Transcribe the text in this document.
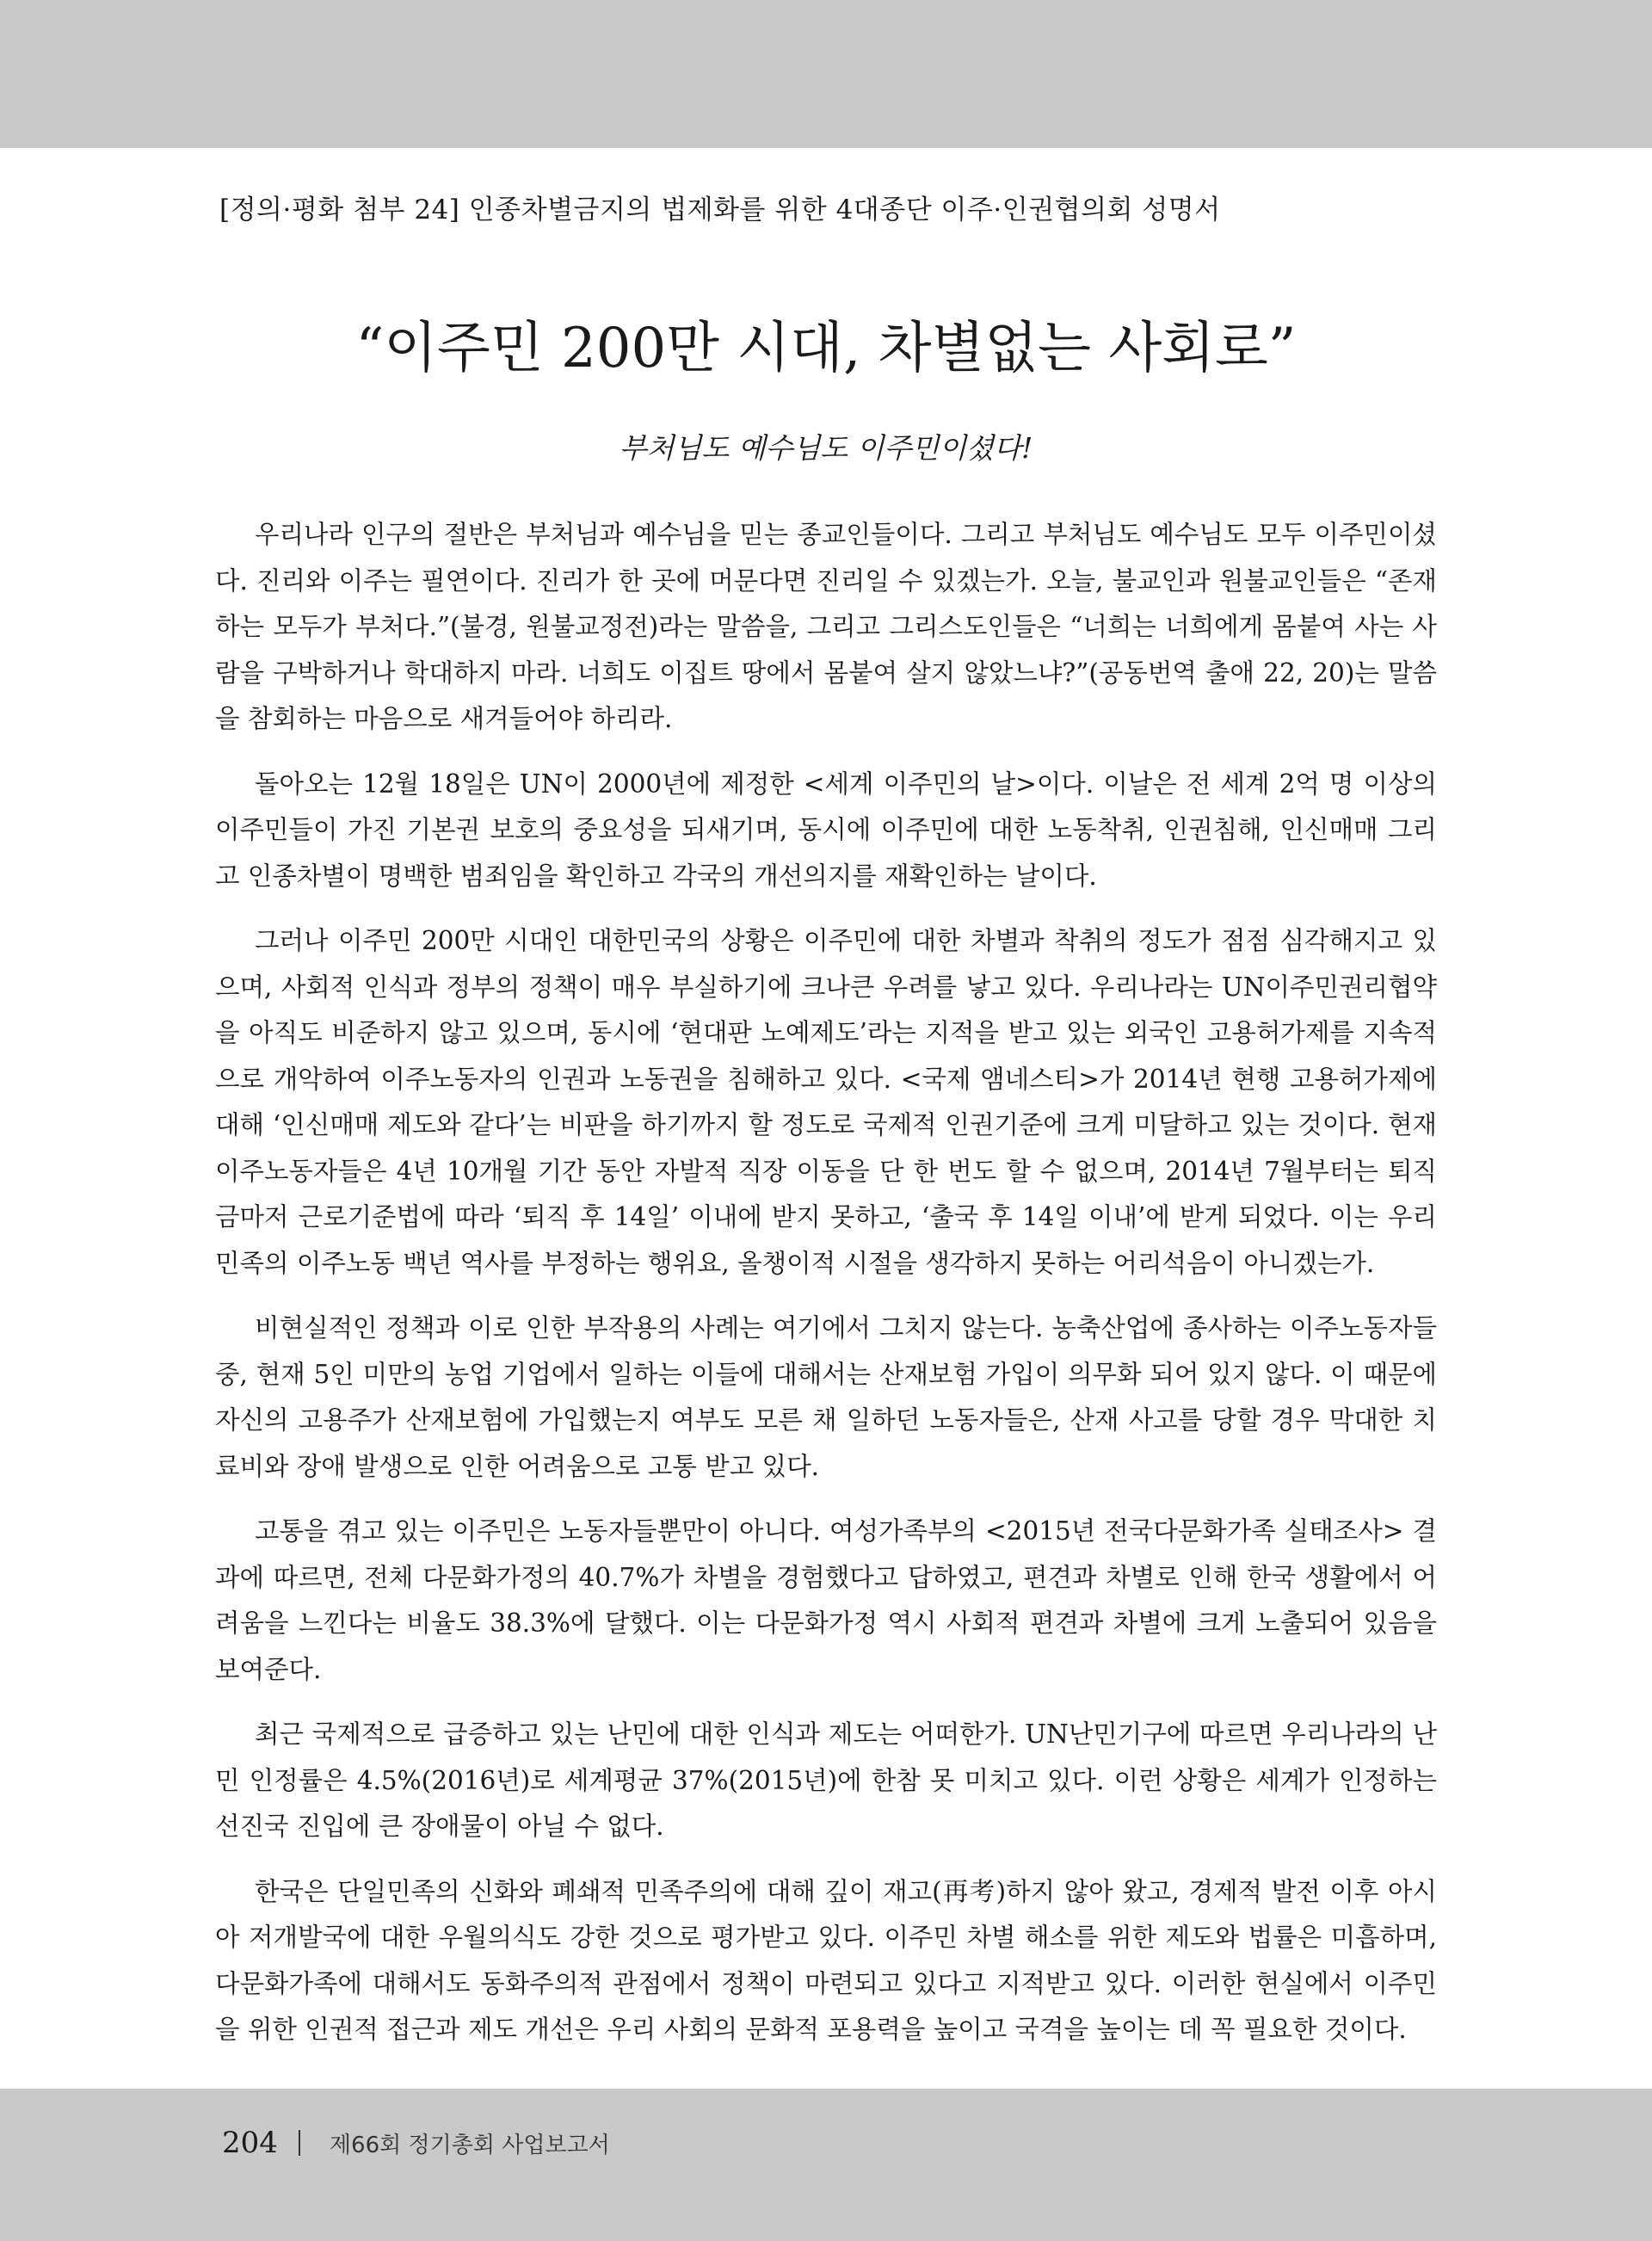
[정의·평화 첨부 24] 인종차별금지의 법제화를 위한 4대종단 이주·인권협의회 성명서
“이주민 200만 시대, 차별없는 사회로”
부처님도 예수님도 이주민이셨다!

우리나라 인구의 절반은 부처님과 예수님을 믿는 종교인들이다. 그리고 부처님도 예수님도 모두 이주민이셨다. 진리와 이주는 필연이다. 진리가 한 곳에 머문다면 진리일 수 있겠는가. 오늘, 불교인과 원불교인들은 “존재하는 모두가 부처다.”(불경, 원불교정전)라는 말씀을, 그리고 그리스도인들은 “너희는 너희에게 몸붙여 사는 사람을 구박하거나 학대하지 마라. 너희도 이집트 땅에서 몸붙여 살지 않았느냐?”(공동번역 출애 22, 20)는 말씀을 참회하는 마음으로 새겨들어야 하리라.

돌아오는 12월 18일은 UN이 2000년에 제정한 <세계 이주민의 날>이다. 이날은 전 세계 2억 명 이상의 이주민들이 가진 기본권 보호의 중요성을 되새기며, 동시에 이주민에 대한 노동착취, 인권침해, 인신매매 그리고 인종차별이 명백한 범죄임을 확인하고 각국의 개선의지를 재확인하는 날이다.

그러나 이주민 200만 시대인 대한민국의 상황은 이주민에 대한 차별과 착취의 정도가 점점 심각해지고 있으며, 사회적 인식과 정부의 정책이 매우 부실하기에 크나큰 우려를 낳고 있다. 우리나라는 UN이주민권리협약을 아직도 비준하지 않고 있으며, 동시에 ‘현대판 노예제도’라는 지적을 받고 있는 외국인 고용허가제를 지속적으로 개악하여 이주노동자의 인권과 노동권을 침해하고 있다. <국제 앰네스티>가 2014년 현행 고용허가제에 대해 ‘인신매매 제도와 같다’는 비판을 하기까지 할 정도로 국제적 인권기준에 크게 미달하고 있는 것이다. 현재 이주노동자들은 4년 10개월 기간 동안 자발적 직장 이동을 단 한 번도 할 수 없으며, 2014년 7월부터는 퇴직금마저 근로기준법에 따라 ‘퇴직 후 14일’ 이내에 받지 못하고, ‘출국 후 14일 이내’에 받게 되었다. 이는 우리 민족의 이주노동 백년 역사를 부정하는 행위요, 올챙이적 시절을 생각하지 못하는 어리석음이 아니겠는가.

비현실적인 정책과 이로 인한 부작용의 사례는 여기에서 그치지 않는다. 농축산업에 종사하는 이주노동자들 중, 현재 5인 미만의 농업 기업에서 일하는 이들에 대해서는 산재보험 가입이 의무화 되어 있지 않다. 이 때문에 자신의 고용주가 산재보험에 가입했는지 여부도 모른 채 일하던 노동자들은, 산재 사고를 당할 경우 막대한 치료비와 장애 발생으로 인한 어려움으로 고통 받고 있다.

고통을 겪고 있는 이주민은 노동자들뿐만이 아니다. 여성가족부의 <2015년 전국다문화가족 실태조사> 결과에 따르면, 전체 다문화가정의 40.7%가 차별을 경험했다고 답하였고, 편견과 차별로 인해 한국 생활에서 어려움을 느낀다는 비율도 38.3%에 달했다. 이는 다문화가정 역시 사회적 편견과 차별에 크게 노출되어 있음을 보여준다.

최근 국제적으로 급증하고 있는 난민에 대한 인식과 제도는 어떠한가. UN난민기구에 따르면 우리나라의 난민 인정률은 4.5%(2016년)로 세계평균 37%(2015년)에 한참 못 미치고 있다. 이런 상황은 세계가 인정하는 선진국 진입에 큰 장애물이 아닐 수 없다.

한국은 단일민족의 신화와 폐쇄적 민족주의에 대해 깊이 재고(再考)하지 않아 왔고, 경제적 발전 이후 아시아 저개발국에 대한 우월의식도 강한 것으로 평가받고 있다. 이주민 차별 해소를 위한 제도와 법률은 미흡하며, 다문화가족에 대해서도 동화주의적 관점에서 정책이 마련되고 있다고 지적받고 있다. 이러한 현실에서 이주민을 위한 인권적 접근과 제도 개선은 우리 사회의 문화적 포용력을 높이고 국격을 높이는 데 꼭 필요한 것이다.

204 제66회 정기총회 사업보고서
